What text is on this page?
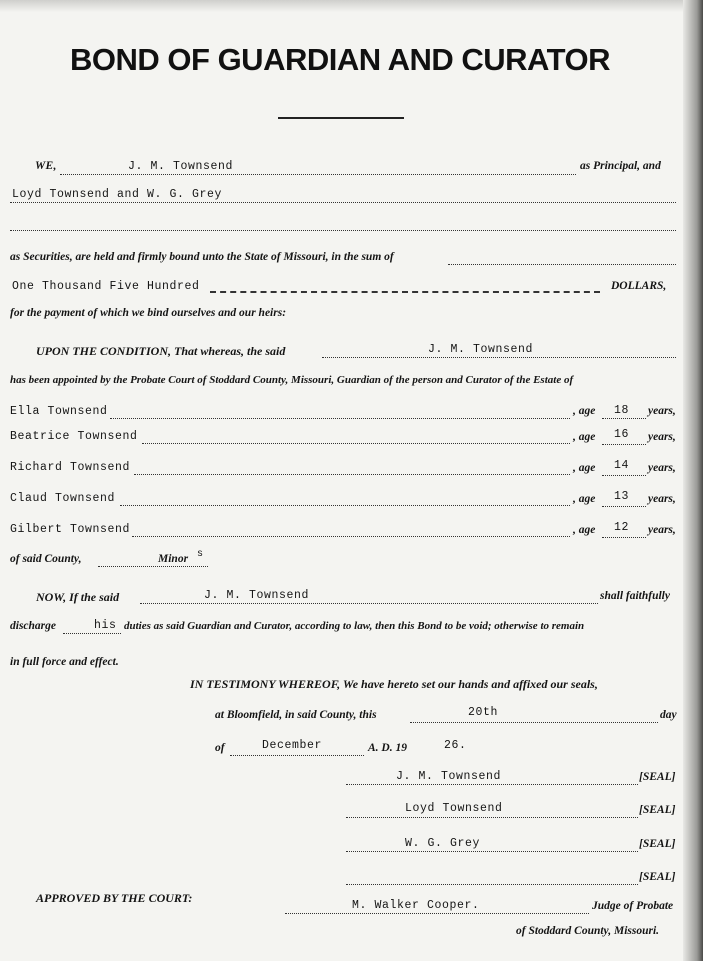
BOND OF GUARDIAN AND CURATOR
WE,	J. M. Townsend	as Principal, and
Loyd Townsend and W. G. Grey
as Securities, are held and firmly bound unto the State of Missouri, in the sum of
One Thousand Five Hundred	DOLLARS,
for the payment of which we bind ourselves and our heirs:
UPON THE CONDITION, That whereas, the said	J. M. Townsend
has been appointed by the Probate Court of Stoddard County, Missouri, Guardian of the person and Curator of the Estate of
Ella Townsend	, age 18 years,
Beatrice Townsend	, age 16 years,
Richard Townsend	, age 14 years,
Claud Townsend	, age 13 years,
Gilbert Townsend	, age 12 years,
of said County,	Minor s
NOW, If the said	J. M. Townsend	shall faithfully
discharge	his duties as said Guardian and Curator, according to law, then this Bond to be void; otherwise to remain
in full force and effect.
IN TESTIMONY WHEREOF, We have hereto set our hands and affixed our seals,
at Bloomfield, in said County, this	20th	day
of	December	A. D. 19	26.
J. M. Townsend	[SEAL]
Loyd Townsend	[SEAL]
W. G. Grey	[SEAL]
[SEAL]
APPROVED BY THE COURT:
M. Walker Cooper.	Judge of Probate
of Stoddard County, Missouri.
